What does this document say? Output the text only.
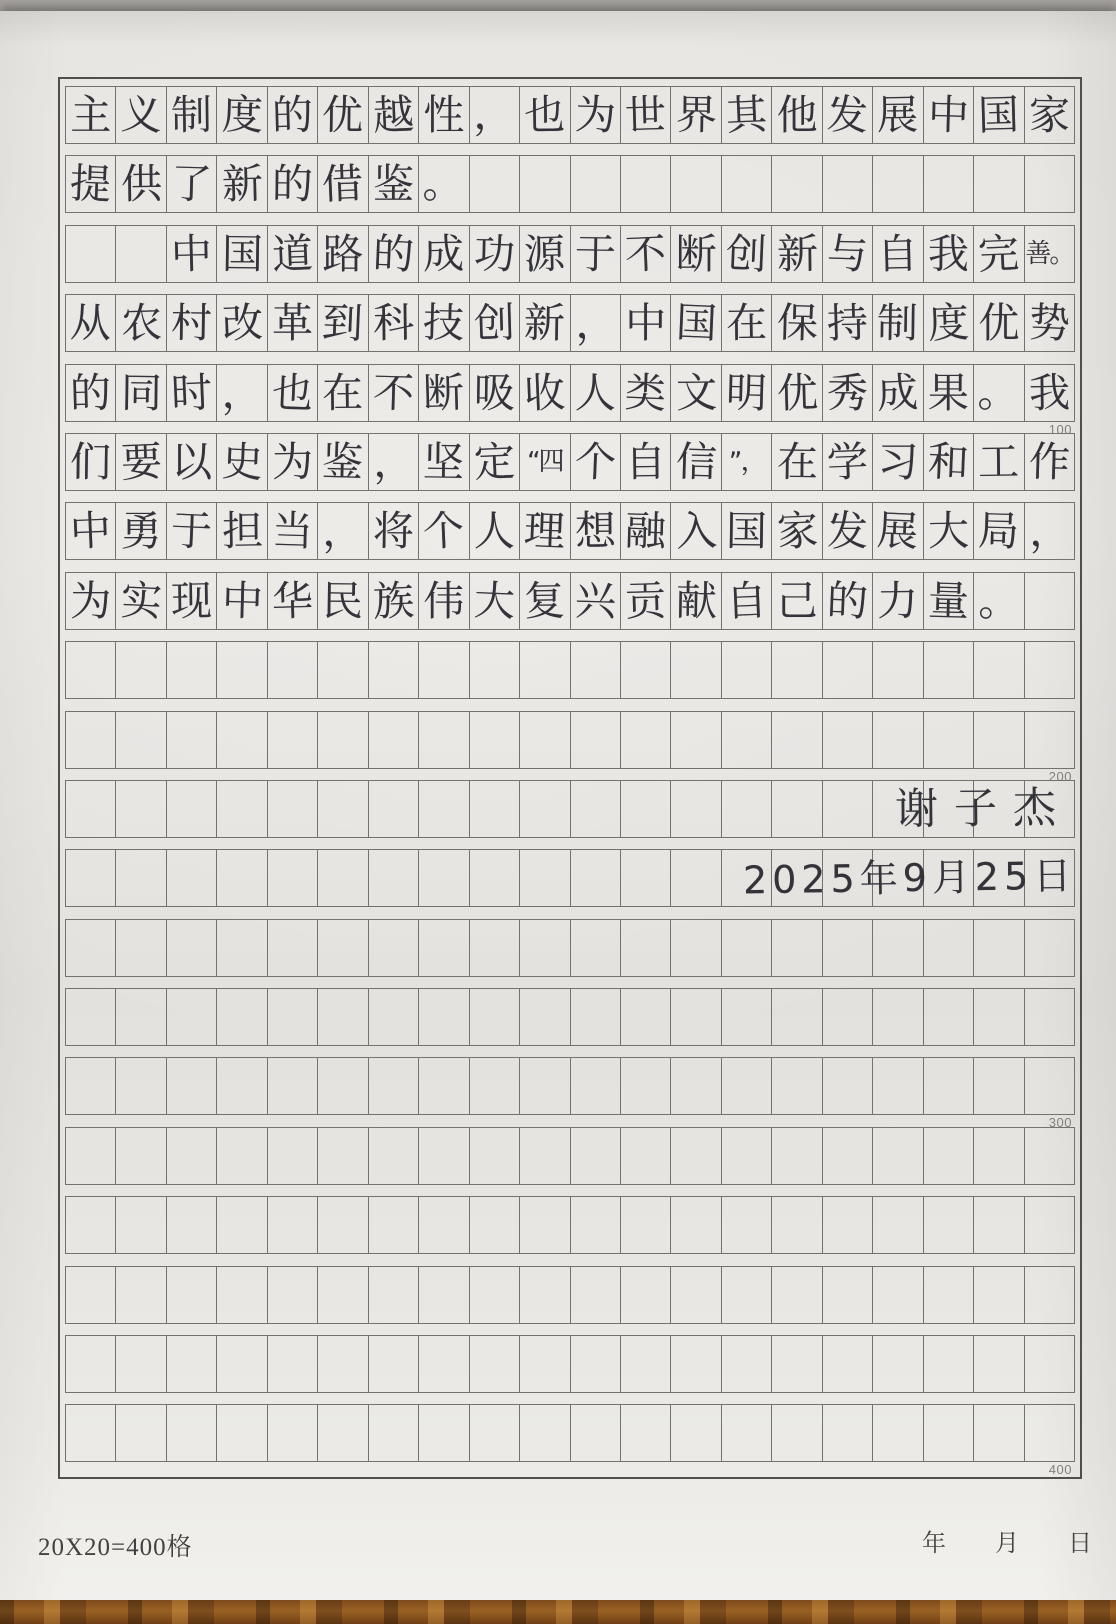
主 义 制 度 的 优 越 性 ， 也 为 世 界 其 他 发 展 中 国 家
提 供 了 新 的 借 鉴 。
中 国 道 路 的 成 功 源 于 不 断 创 新 与 自 我 完 善。
从 农 村 改 革 到 科 技 创 新 ， 中 国 在 保 持 制 度 优 势
的 同 时 ， 也 在 不 断 吸 收 人 类 文 明 优 秀 成 果 。 我
100
们 要 以 史 为 鉴 ， 坚 定 “四 个 自 信 ”， 在 学 习 和 工 作
中 勇 于 担 当 ， 将 个 人 理 想 融 入 国 家 发 展 大 局 ，
为 实 现 中 华 民 族 伟 大 复 兴 贡 献 自 己 的 力 量 。
200
300
400
谢子杰
2025年9月25日
20X20=400格	年 月 日
